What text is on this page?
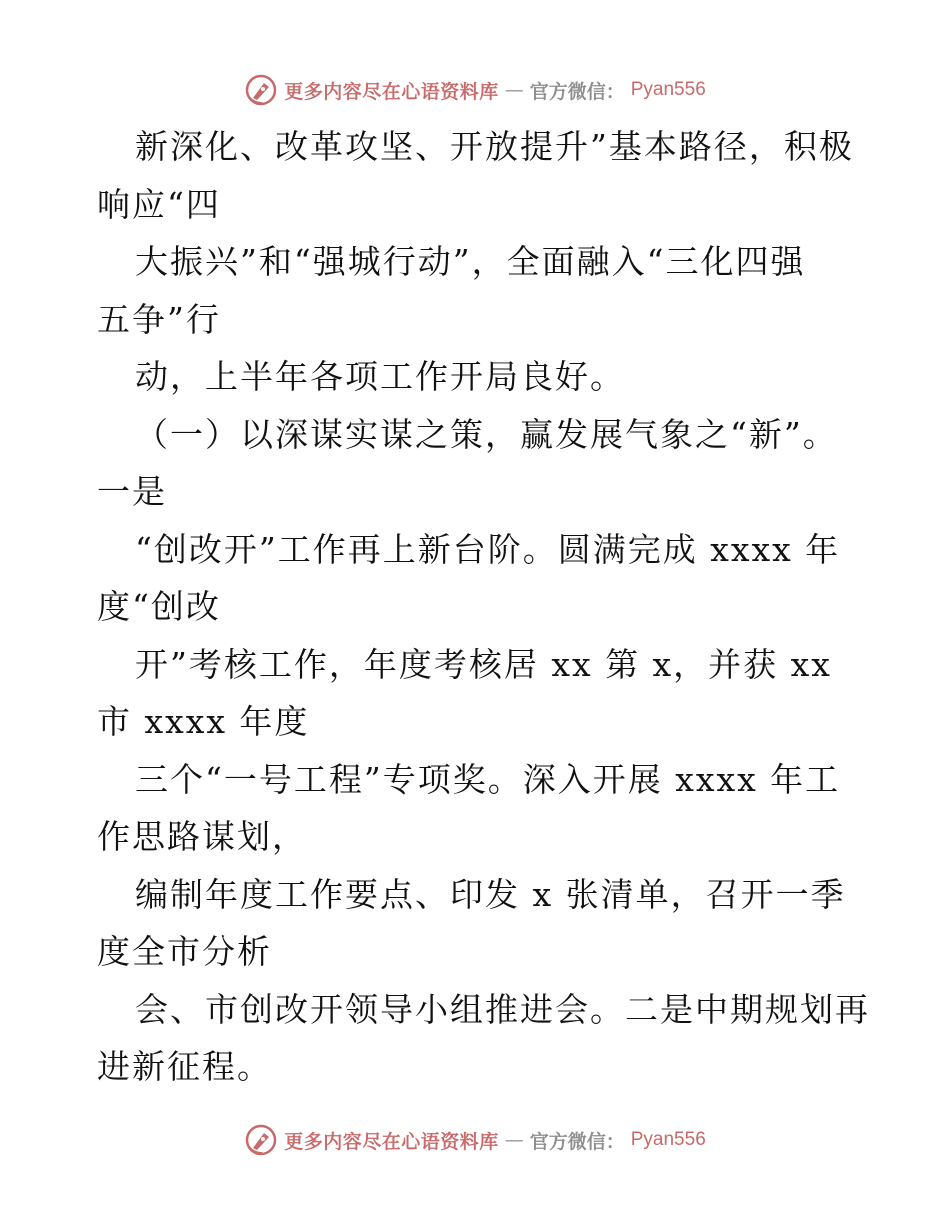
更多内容尽在心语资料库 — 官方微信： Pyan556
新深化、改革攻坚、开放提升”基本路径，积极
响应“四
大振兴”和“强城行动”，全面融入“三化四强
五争”行
动，上半年各项工作开局良好。
（一）以深谋实谋之策，赢发展气象之“新”。
一是
“创改开”工作再上新台阶。圆满完成 xxxx 年
度“创改
开”考核工作，年度考核居 xx 第 x，并获 xx
市 xxxx 年度
三个“一号工程”专项奖。深入开展 xxxx 年工
作思路谋划，
编制年度工作要点、印发 x 张清单，召开一季
度全市分析
会、市创改开领导小组推进会。二是中期规划再
进新征程。
更多内容尽在心语资料库 — 官方微信： Pyan556
